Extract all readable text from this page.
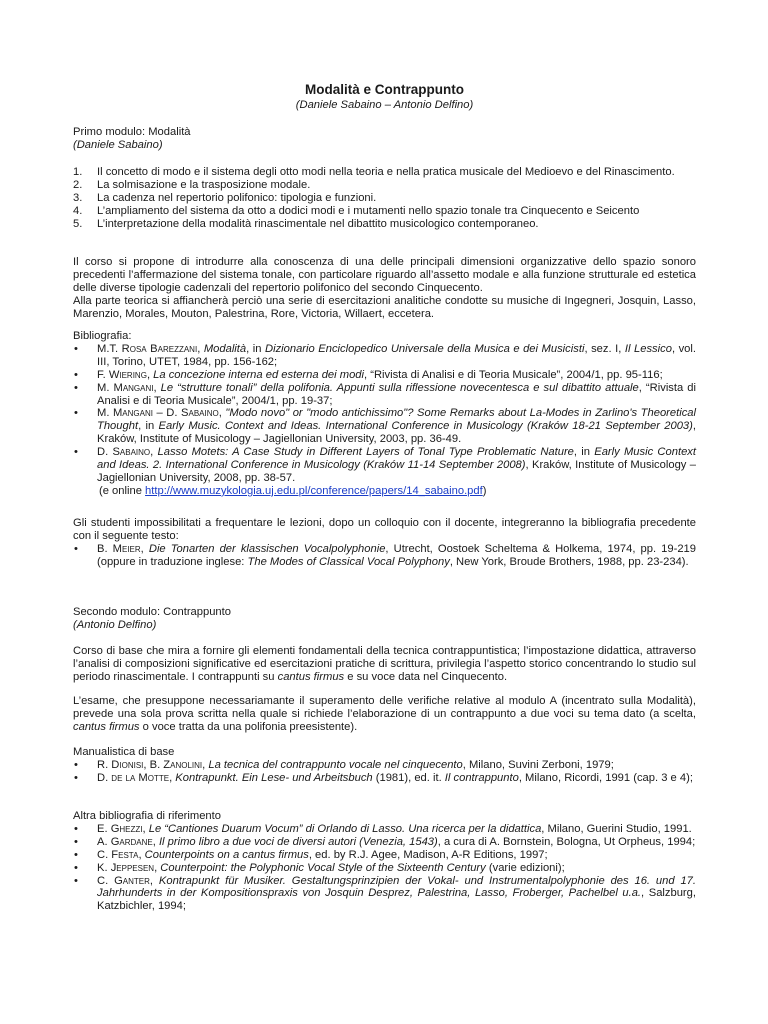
Modalità e Contrappunto
(Daniele Sabaino – Antonio Delfino)

Primo modulo: Modalità

(Daniele Sabaino)

1. Il concetto di modo e il sistema degli otto modi nella teoria e nella pratica musicale del Medioevo e del Rinascimento.
2. La solmisazione e la trasposizione modale.
3. La cadenza nel repertorio polifonico: tipologia e funzioni.
4. L’ampliamento del sistema da otto a dodici modi e i mutamenti nello spazio tonale tra Cinquecento e Seicento
5. L’interpretazione della modalità rinascimentale nel dibattito musicologico contemporaneo.

Il corso si propone di introdurre alla conoscenza di una delle principali dimensioni organizzative dello spazio sonoro precedenti l’affermazione del sistema tonale, con particolare riguardo all’assetto modale e alla funzione strutturale ed estetica delle diverse tipologie cadenzali del repertorio polifonico del secondo Cinquecento.

Alla parte teorica si affiancherà perciò una serie di esercitazioni analitiche condotte su musiche di Ingegneri, Josquin, Lasso, Marenzio, Morales, Mouton, Palestrina, Rore, Victoria, Willaert, eccetera.

Bibliografia:

• M.T. Rosa Barezzani, Modalità, in Dizionario Enciclopedico Universale della Musica e dei Musicisti, sez. I, Il Lessico, vol. III, Torino, UTET, 1984, pp. 156-162;
• F. Wiering, La concezione interna ed esterna dei modi, “Rivista di Analisi e di Teoria Musicale”, 2004/1, pp. 95-116;
• M. Mangani, Le “strutture tonali” della polifonia. Appunti sulla riflessione novecentesca e sul dibattito attuale, “Rivista di Analisi e di Teoria Musicale”, 2004/1, pp. 19-37;
• M. Mangani – D. Sabaino, "Modo novo" or "modo antichissimo"? Some Remarks about La-Modes in Zarlino's Theoretical Thought, in Early Music. Context and Ideas. International Conference in Musicology (Kraków 18-21 September 2003), Kraków, Institute of Musicology – Jagiellonian University, 2003, pp. 36-49.
• D. Sabaino, Lasso Motets: A Case Study in Different Layers of Tonal Type Problematic Nature, in Early Music Context and Ideas. 2. International Conference in Musicology (Kraków 11-14 September 2008), Kraków, Institute of Musicology – Jagiellonian University, 2008, pp. 38-57.

(e online http://www.muzykologia.uj.edu.pl/conference/papers/14_sabaino.pdf)

Gli studenti impossibilitati a frequentare le lezioni, dopo un colloquio con il docente, integreranno la bibliografia precedente con il seguente testo:

• B. Meier, Die Tonarten der klassischen Vocalpolyphonie, Utrecht, Oostoek Scheltema & Holkema, 1974, pp. 19-219 (oppure in traduzione inglese: The Modes of Classical Vocal Polyphony, New York, Broude Brothers, 1988, pp. 23-234).

Secondo modulo: Contrappunto

(Antonio Delfino)

Corso di base che mira a fornire gli elementi fondamentali della tecnica contrappuntistica; l’impostazione didattica, attraverso l’analisi di composizioni significative ed esercitazioni pratiche di scrittura, privilegia l’aspetto storico concentrando lo studio sul periodo rinascimentale. I contrappunti su cantus firmus e su voce data nel Cinquecento.

L’esame, che presuppone necessariamante il superamento delle verifiche relative al modulo A (incentrato sulla Modalità), prevede una sola prova scritta nella quale si richiede l’elaborazione di un contrappunto a due voci su tema dato (a scelta, cantus firmus o voce tratta da una polifonia preesistente).

Manualistica di base

• R. Dionisi, B. Zanolini, La tecnica del contrappunto vocale nel cinquecento, Milano, Suvini Zerboni, 1979;
• D. de la Motte, Kontrapunkt. Ein Lese- und Arbeitsbuch (1981), ed. it. Il contrappunto, Milano, Ricordi, 1991 (cap. 3 e 4);

Altra bibliografia di riferimento

• E. Ghezzi, Le “Cantiones Duarum Vocum” di Orlando di Lasso. Una ricerca per la didattica, Milano, Guerini Studio, 1991.
• A. Gardane, Il primo libro a due voci de diversi autori (Venezia, 1543), a cura di A. Bornstein, Bologna, Ut Orpheus, 1994;
• C. Festa, Counterpoints on a cantus firmus, ed. by R.J. Agee, Madison, A-R Editions, 1997;
• K. Jeppesen, Counterpoint: the Polyphonic Vocal Style of the Sixteenth Century (varie edizioni);
• C. Ganter, Kontrapunkt für Musiker. Gestaltungsprinzipien der Vokal- und Instrumentalpolyphonie des 16. und 17. Jahrhunderts in der Kompositionspraxis von Josquin Desprez, Palestrina, Lasso, Froberger, Pachelbel u.a., Salzburg, Katzbichler, 1994;
